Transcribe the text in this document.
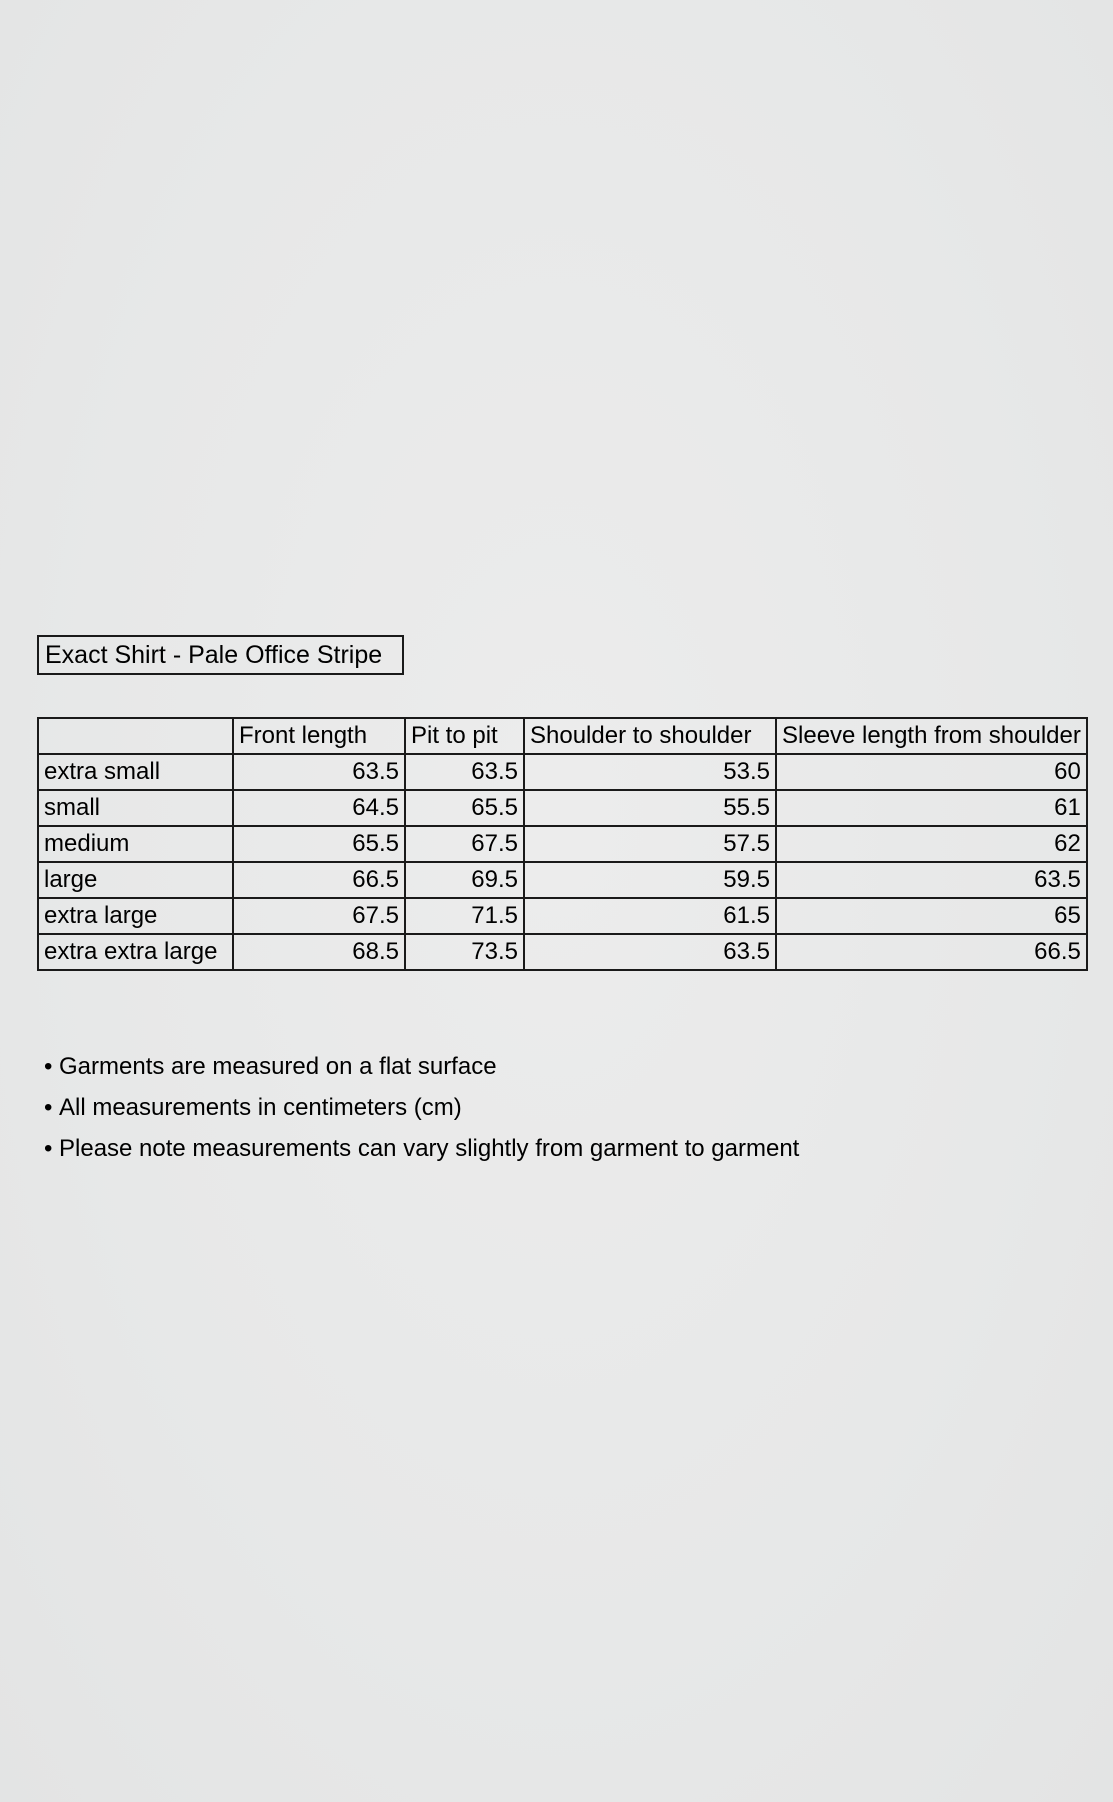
Exact Shirt - Pale Office Stripe
	Front length	Pit to pit	Shoulder to shoulder	Sleeve length from shoulder
extra small	63.5	63.5	53.5	60
small	64.5	65.5	55.5	61
medium	65.5	67.5	57.5	62
large	66.5	69.5	59.5	63.5
extra large	67.5	71.5	61.5	65
extra extra large	68.5	73.5	63.5	66.5
• Garments are measured on a flat surface
• All measurements in centimeters (cm)
• Please note measurements can vary slightly from garment to garment
